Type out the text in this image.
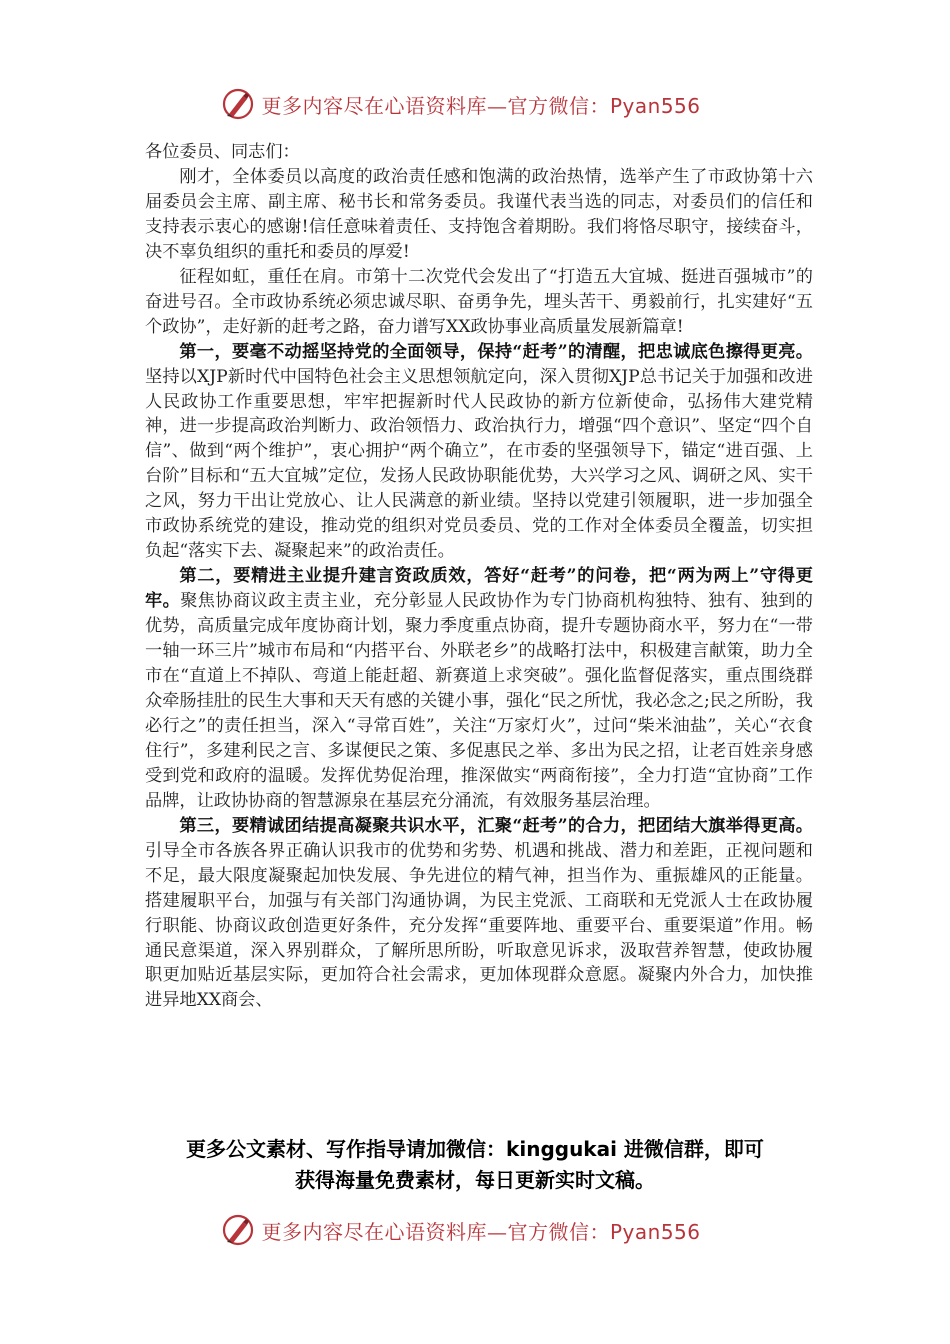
更多内容尽在心语资料库—官方微信：Pyan556

各位委员、同志们：

刚才，全体委员以高度的政治责任感和饱满的政治热情，选举产生了市政协第十六届委员会主席、副主席、秘书长和常务委员。我谨代表当选的同志，对委员们的信任和支持表示衷心的感谢!信任意味着责任、支持饱含着期盼。我们将恪尽职守，接续奋斗，决不辜负组织的重托和委员的厚爱!

征程如虹，重任在肩。市第十二次党代会发出了“打造五大宜城、挺进百强城市”的奋进号召。全市政协系统必须忠诚尽职、奋勇争先，埋头苦干、勇毅前行，扎实建好“五个政协”，走好新的赶考之路，奋力谱写XX政协事业高质量发展新篇章!

第一，要毫不动摇坚持党的全面领导，保持“赶考”的清醒，把忠诚底色擦得更亮。坚持以XJP新时代中国特色社会主义思想领航定向，深入贯彻XJP总书记关于加强和改进人民政协工作重要思想，牢牢把握新时代人民政协的新方位新使命，弘扬伟大建党精神，进一步提高政治判断力、政治领悟力、政治执行力，增强“四个意识”、坚定“四个自信”、做到“两个维护”，衷心拥护“两个确立”，在市委的坚强领导下，锚定“进百强、上台阶”目标和“五大宜城”定位，发扬人民政协职能优势，大兴学习之风、调研之风、实干之风，努力干出让党放心、让人民满意的新业绩。坚持以党建引领履职，进一步加强全市政协系统党的建设，推动党的组织对党员委员、党的工作对全体委员全覆盖，切实担负起“落实下去、凝聚起来”的政治责任。

第二，要精进主业提升建言资政质效，答好“赶考”的问卷，把“两为两上”守得更牢。聚焦协商议政主责主业，充分彰显人民政协作为专门协商机构独特、独有、独到的优势，高质量完成年度协商计划，聚力季度重点协商，提升专题协商水平，努力在“一带一轴一环三片”城市布局和“内搭平台、外联老乡”的战略打法中，积极建言献策，助力全市在“直道上不掉队、弯道上能赶超、新赛道上求突破”。强化监督促落实，重点围绕群众牵肠挂肚的民生大事和天天有感的关键小事，强化“民之所忧，我必念之;民之所盼，我必行之”的责任担当，深入“寻常百姓”，关注“万家灯火”，过问“柴米油盐”，关心“衣食住行”，多建利民之言、多谋便民之策、多促惠民之举、多出为民之招，让老百姓亲身感受到党和政府的温暖。发挥优势促治理，推深做实“两商衔接”，全力打造“宜协商”工作品牌，让政协协商的智慧源泉在基层充分涌流，有效服务基层治理。

第三，要精诚团结提高凝聚共识水平，汇聚“赶考”的合力，把团结大旗举得更高。引导全市各族各界正确认识我市的优势和劣势、机遇和挑战、潜力和差距，正视问题和不足，最大限度凝聚起加快发展、争先进位的精气神，担当作为、重振雄风的正能量。搭建履职平台，加强与有关部门沟通协调，为民主党派、工商联和无党派人士在政协履行职能、协商议政创造更好条件，充分发挥“重要阵地、重要平台、重要渠道”作用。畅通民意渠道，深入界别群众，了解所思所盼，听取意见诉求，汲取营养智慧，使政协履职更加贴近基层实际，更加符合社会需求，更加体现群众意愿。凝聚内外合力，加快推进异地XX商会、

更多公文素材、写作指导请加微信：kinggukai 进微信群，即可
获得海量免费素材，每日更新实时文稿。
更多内容尽在心语资料库—官方微信：Pyan556
